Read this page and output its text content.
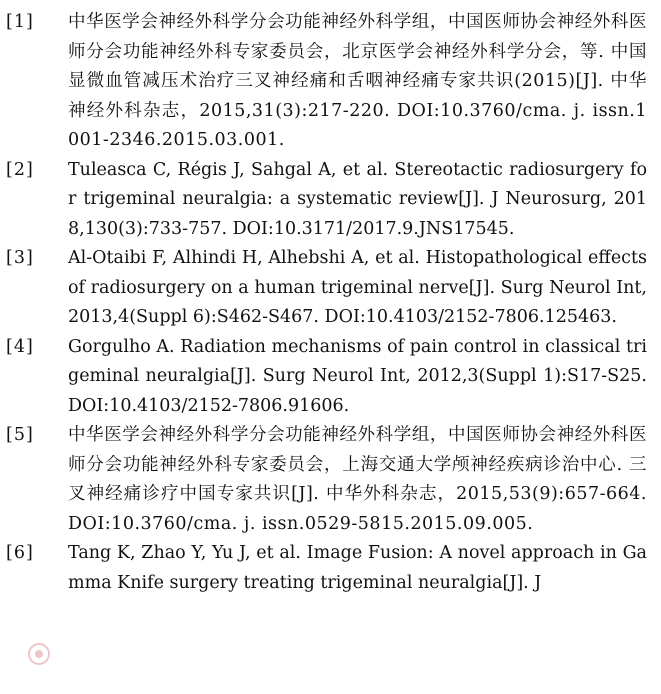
[1]	中华医学会神经外科学分会功能神经外科学组，中国医师协会神经外科医师分会功能神经外科专家委员会，北京医学会神经外科学分会，等. 中国显微血管减压术治疗三叉神经痛和舌咽神经痛专家共识(2015)[J]. 中华神经外科杂志，2015,31(3):217-220. DOI:10.3760/cma. j. issn.1001-2346.2015.03.001.
[2]	Tuleasca C, Régis J, Sahgal A, et al. Stereotactic radiosurgery for trigeminal neuralgia: a systematic review[J]. J Neurosurg, 2018,130(3):733-757. DOI:10.3171/2017.9.JNS17545.
[3]	Al-Otaibi F, Alhindi H, Alhebshi A, et al. Histopathological effects of radiosurgery on a human trigeminal nerve[J]. Surg Neurol Int, 2013,4(Suppl 6):S462-S467. DOI:10.4103/2152-7806.125463.
[4]	Gorgulho A. Radiation mechanisms of pain control in classical trigeminal neuralgia[J]. Surg Neurol Int, 2012,3(Suppl 1):S17-S25. DOI:10.4103/2152-7806.91606.
[5]	中华医学会神经外科学分会功能神经外科学组，中国医师协会神经外科医师分会功能神经外科专家委员会，上海交通大学颅神经疾病诊治中心. 三叉神经痛诊疗中国专家共识[J]. 中华外科杂志，2015,53(9):657-664. DOI:10.3760/cma. j. issn.0529-5815.2015.09.005.
[6]	Tang K, Zhao Y, Yu J, et al. Image Fusion: A novel approach in Gamma Knife surgery treating trigeminal neuralgia[J]. J
